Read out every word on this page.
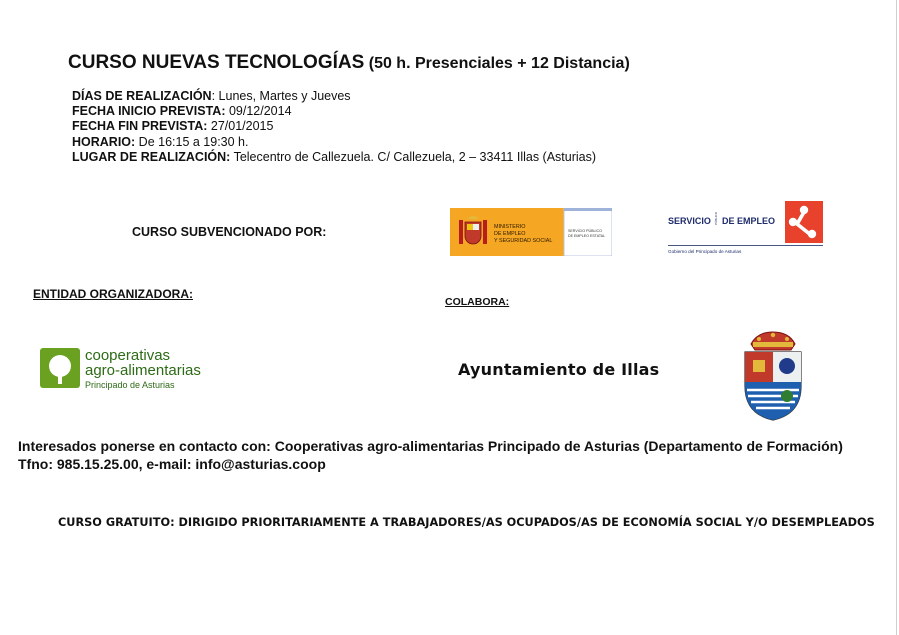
CURSO NUEVAS TECNOLOGÍAS (50 h. Presenciales + 12 Distancia)
DÍAS DE REALIZACIÓN: Lunes, Martes y Jueves
FECHA INICIO PREVISTA: 09/12/2014
FECHA FIN PREVISTA: 27/01/2015
HORARIO: De 16:15 a 19:30 h.
LUGAR DE REALIZACIÓN: Telecentro de Callezuela. C/ Callezuela, 2 – 33411 Illas (Asturias)
CURSO SUBVENCIONADO POR:	MINISTERIO
DE EMPLEO
Y SEGURIDAD SOCIAL
SERVICIO PÚBLICO
DE EMPLEO ESTATAL
SERVICIO	PÚBLICO DE EMPLEO
Gobierno del Principado de Asturias
ENTIDAD ORGANIZADORA:
COLABORA:
cooperativas
agro-alimentarias
Principado de Asturias
Ayuntamiento de Illas
Interesados ponerse en contacto con: Cooperativas agro-alimentarias Principado de Asturias (Departamento de Formación) Tfno: 985.15.25.00, e-mail: info@asturias.coop
CURSO GRATUITO: DIRIGIDO PRIORITARIAMENTE A TRABAJADORES/AS OCUPADOS/AS DE ECONOMÍA SOCIAL Y/O DESEMPLEADOS
